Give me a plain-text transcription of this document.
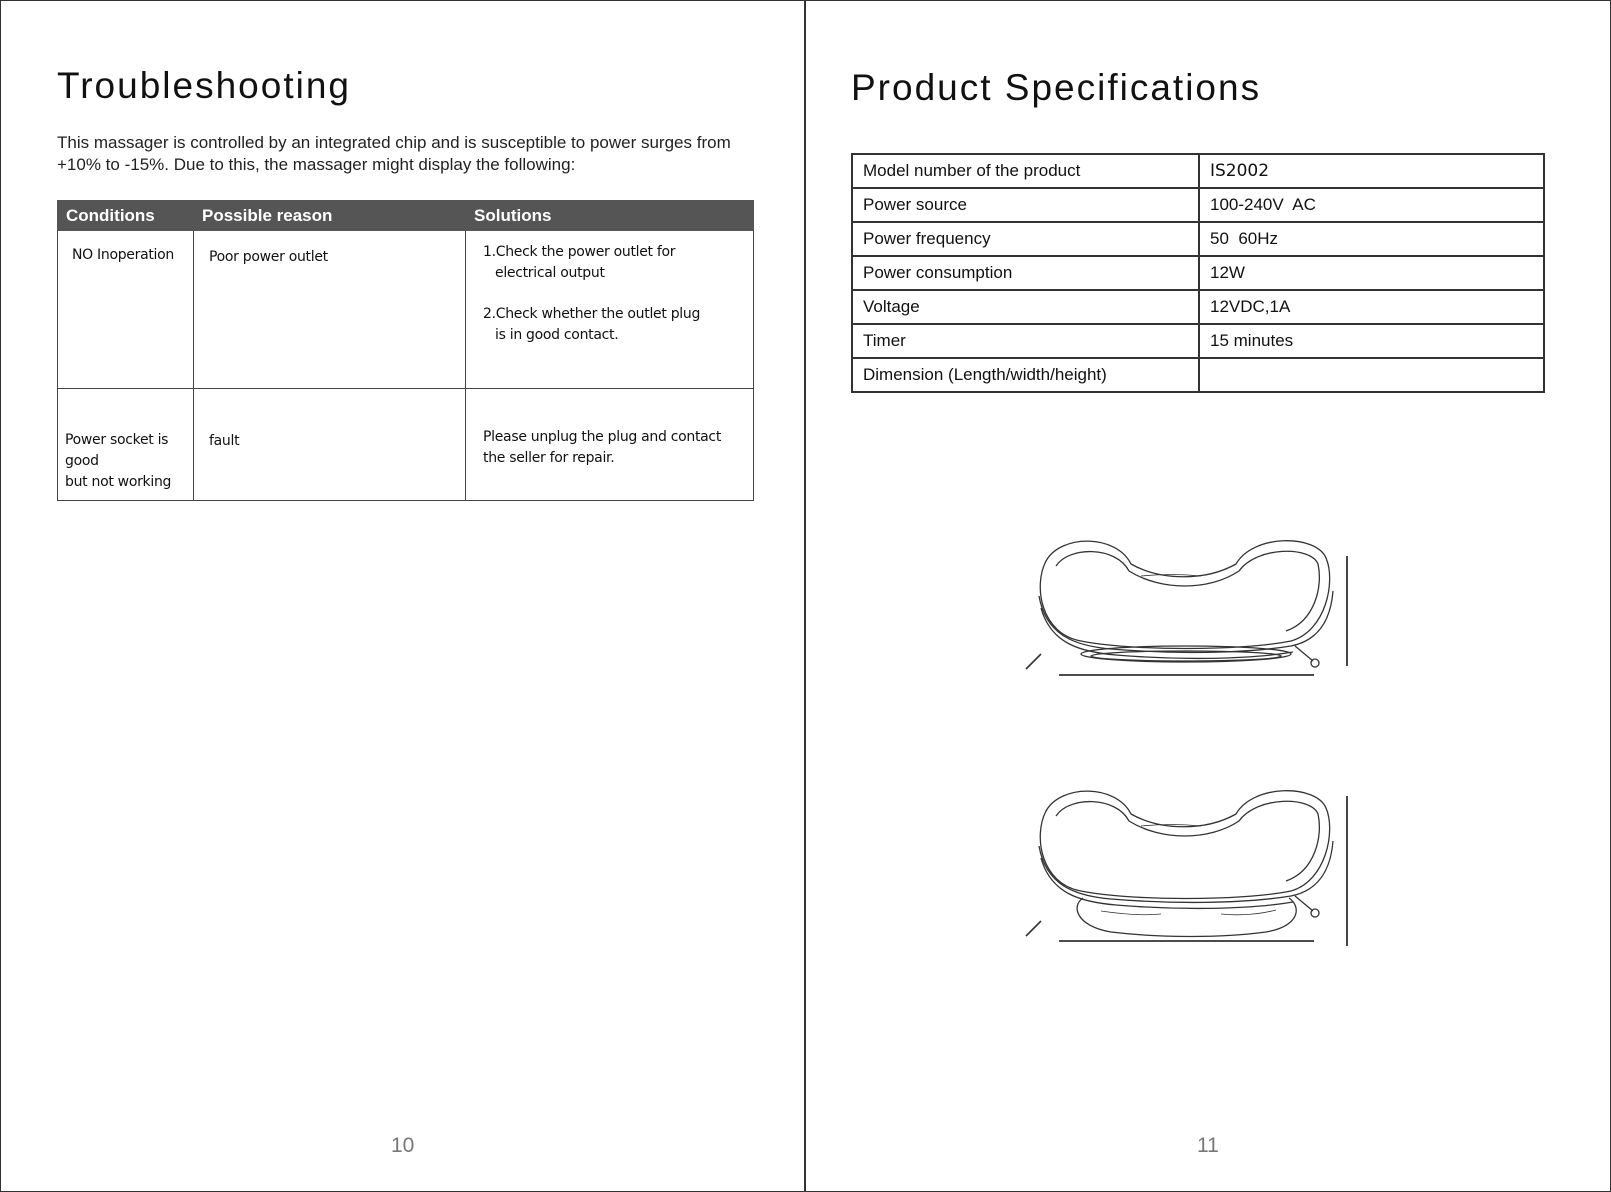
Troubleshooting

This massager is controlled by an integrated chip and is susceptible to power surges from +10% to -15%. Due to this, the massager might display the following:

Conditions	Possible reason	Solutions
NO Inoperation	Poor power outlet	1.Check the power outlet for
electrical output
2.Check whether the outlet plug
is in good contact.

Power socket is good
but not working	fault	Please unplug the plug and contact
the seller for repair.
10
Product Specifications
Model number of the product	IS2002
Power source	100-240V  AC
Power frequency	50  60Hz
Power consumption	12W
Voltage	12VDC,1A
Timer	15 minutes
Dimension (Length/width/height)	
11
